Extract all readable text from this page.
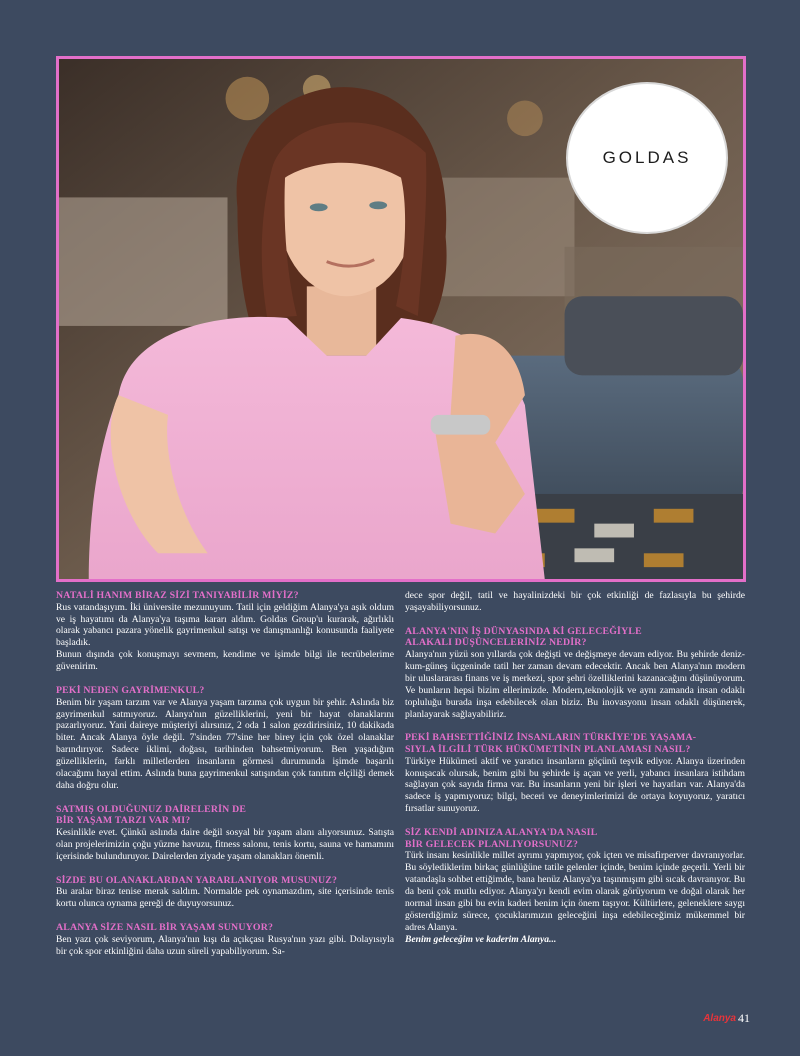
GOLDAS
NATALİ HANIM BİRAZ SİZİ TANIYABİLİR MİYİZ?
Rus vatandaşıyım. İki üniversite mezunuyum. Tatil için geldiğim Alanya'ya aşık oldum ve iş hayatımı da Alanya'ya taşıma kararı aldım. Goldas Group'u kurarak, ağırlıklı olarak yabancı pazara yönelik gayrimenkul satışı ve danışmanlığı konusunda faaliyete başladık.
Bunun dışında çok konuşmayı sevmem, kendime ve işimde bilgi ile tecrübelerime güvenirim.
PEKİ NEDEN GAYRİMENKUL?
Benim bir yaşam tarzım var ve Alanya yaşam tarzıma çok uygun bir şehir. Aslında biz gayrimenkul satmıyoruz. Alanya'nın güzelliklerini, yeni bir hayat olanaklarını pazarlıyoruz. Yani daireye müşteriyi alırsınız, 2 oda 1 salon gezdirirsiniz, 10 dakikada biter. Ancak Alanya öyle değil. 7'sinden 77'sine her birey için çok özel olanaklar barındırıyor. Sadece iklimi, doğası, tarihinden bahsetmiyorum. Ben yaşadığım güzelliklerin, farklı milletlerden insanların görmesi durumunda işimde başarılı olacağımı hayal ettim. Aslında buna gayrimenkul satışından çok tanıtım elçiliği demek daha doğru olur.
SATMIŞ OLDUĞUNUZ DAİRELERİN DE
BİR YAŞAM TARZI VAR MI?
Kesinlikle evet. Çünkü aslında daire değil sosyal bir yaşam alanı alıyorsunuz. Satışta olan projelerimizin çoğu yüzme havuzu, fitness salonu, tenis kortu, sauna ve hamamını içerisinde bulunduruyor. Dairelerden ziyade yaşam olanakları önemli.
SİZDE BU OLANAKLARDAN YARARLANIYOR MUSUNUZ?
Bu aralar biraz tenise merak saldım. Normalde pek oynamazdım, site içerisinde tenis kortu olunca oynama gereği de duyuyorsunuz.
ALANYA SİZE NASIL BİR YAŞAM SUNUYOR?
Ben yazı çok seviyorum, Alanya'nın kışı da açıkçası Rusya'nın yazı gibi. Dolayısıyla bir çok spor etkinliğini daha uzun süreli yapabiliyorum. Sa-
dece spor değil, tatil ve hayalinizdeki bir çok etkinliği de fazlasıyla bu şehirde yaşayabiliyorsunuz.
ALANYA'NIN İŞ DÜNYASINDA Kİ GELECEĞİYLE
ALAKALI DÜŞÜNCELERİNİZ NEDİR?
Alanya'nın yüzü son yıllarda çok değişti ve değişmeye devam ediyor. Bu şehirde deniz-kum-güneş üçgeninde tatil her zaman devam edecektir. Ancak ben Alanya'nın modern bir uluslararası finans ve iş merkezi, spor şehri özelliklerini kazanacağını düşünüyorum. Ve bunların hepsi bizim ellerimizde. Modern,teknolojik ve aynı zamanda insan odaklı topluluğu burada inşa edebilecek olan biziz. Bu inovasyonu insan odaklı düşünerek, planlayarak sağlayabiliriz.
PEKİ BAHSETTİĞİNİZ İNSANLARIN TÜRKİYE'DE YAŞAMA-
SIYLA İLGİLİ TÜRK HÜKÜMETİNİN PLANLAMASI NASIL?
Türkiye Hükümeti aktif ve yaratıcı insanların göçünü teşvik ediyor. Alanya üzerinden konuşacak olursak, benim gibi bu şehirde iş açan ve yerli, yabancı insanlara istihdam sağlayan çok sayıda firma var. Bu insanların yeni bir işleri ve hayatları var. Alanya'da sadece iş yapmıyoruz; bilgi, beceri ve deneyimlerimizi de ortaya koyuyoruz, yaratıcı fırsatlar sunuyoruz.
SİZ KENDİ ADINIZA ALANYA'DA NASIL
BİR GELECEK PLANLIYORSUNUZ?
Türk insanı kesinlikle millet ayrımı yapmıyor, çok içten ve misafirperver davranıyorlar. Bu söylediklerim birkaç günlüğüne tatile gelenler içinde, benim içinde geçerli. Yerli bir vatandaşla sohbet ettiğimde, bana henüz Alanya'ya taşınmışım gibi sıcak davranıyor. Bu da beni çok mutlu ediyor. Alanya'yı kendi evim olarak görüyorum ve doğal olarak her normal insan gibi bu evin kaderi benim için önem taşıyor. Kültürlere, geleneklere saygı gösterdiğimiz sürece, çocuklarımızın geleceğini inşa edebileceğimiz mükemmel bir adres Alanya.
Benim geleceğim ve kaderim Alanya...
Alanya 41
